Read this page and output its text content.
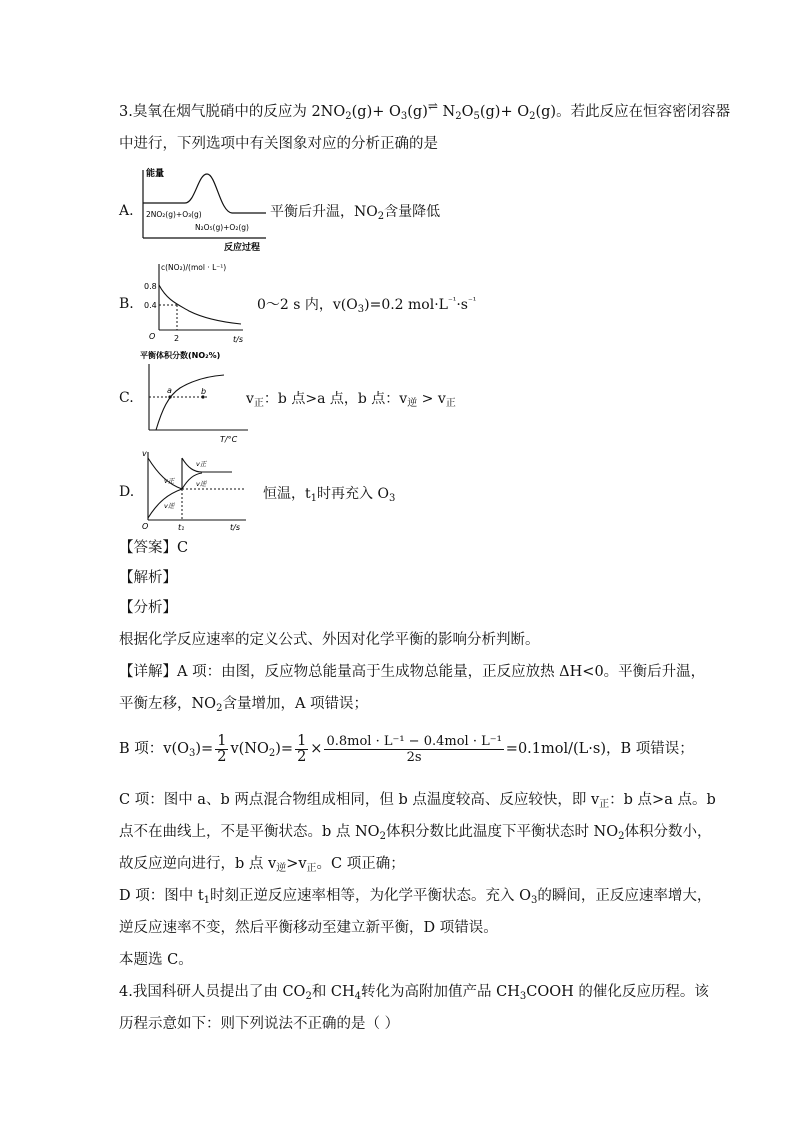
3.臭氧在烟气脱硝中的反应为 $2NO_2(g)+ O_3(g)^\rightleftharpoons$ $N_2O_5(g)+ O_2(g)$。若此反应在恒容密闭容器
中进行，下列选项中有关图象对应的分析正确的是
A.
能量
2NO₂(g)+O₃(g)
N₂O₅(g)+O₂(g)
反应过程
平衡后升温，$NO_2$含量降低
B.
c(NO₂)/(mol · L⁻¹)
0.8
0.4
O 2	t/s
0～2 s 内，$v(O_3)=0.2$ $mol\cdot L^{^{-1}}\cdot s^{^{-1}}$
C.
平衡体积分数(NO₂%)
a	b
T/°C
$v_正$：b 点>a 点，b 点：$v_逆 > v_正$
D.
v
v正
v逆
v正
v逆
O	t₁	t/s
恒温，$t_1$时再充入 $O_3$
【答案】C
【解析】
【分析】
根据化学反应速率的定义公式、外因对化学平衡的影响分析判断。
【详解】A 项：由图，反应物总能量高于生成物总能量，正反应放热 ΔH<0。平衡后升温，
平衡左移，$NO_2$含量增加，A 项错误；
B 项：$v(O_3)= \frac{1}{2} v(NO_2)= \frac{1}{2} \times \frac{\text{0.8mol · L⁻¹ − 0.4mol · L⁻¹}}{2s} =0.1mol/(L\cdot s)$，B 项错误；
C 项：图中 a、b 两点混合物组成相同，但 b 点温度较高、反应较快，即 $v_正$：b 点>a 点。b
点不在曲线上，不是平衡状态。b 点 $NO_2$体积分数比此温度下平衡状态时 $NO_2$体积分数小，
故反应逆向进行，b 点 $v_逆>v_正$。C 项正确；
D 项：图中 $t_1$时刻正逆反应速率相等，为化学平衡状态。充入 $O_3$的瞬间，正反应速率增大，
逆反应速率不变，然后平衡移动至建立新平衡，D 项错误。
本题选 C。
4.我国科研人员提出了由 $CO_2$和 $CH_4$转化为高附加值产品 $CH_3COOH$ 的催化反应历程。该
历程示意如下：则下列说法不正确的是（ ）
